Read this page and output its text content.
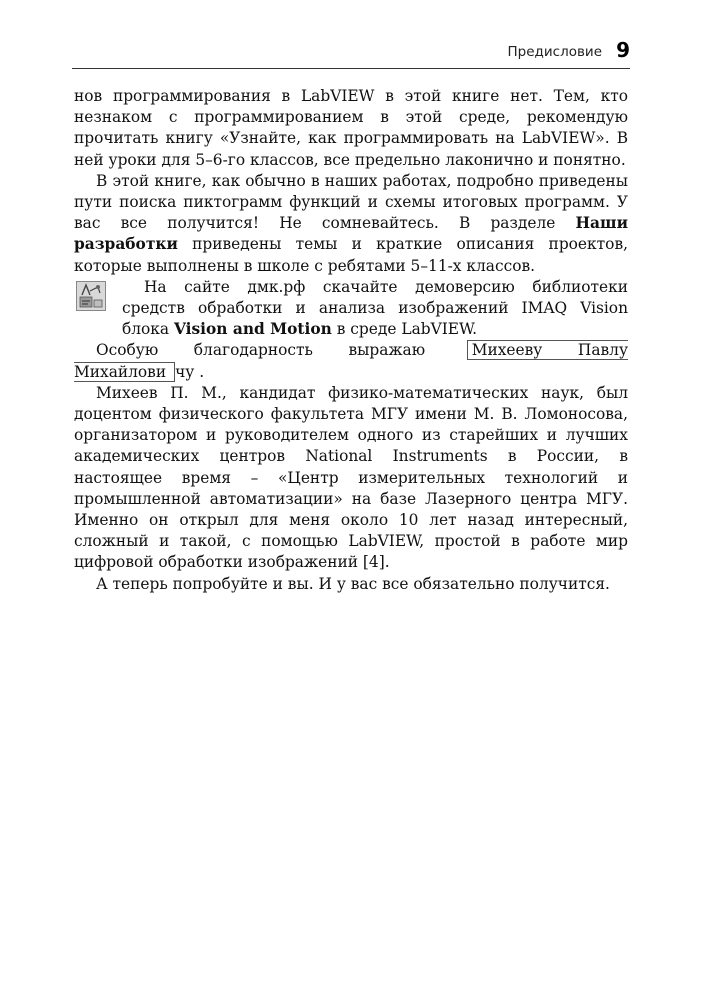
Предисловие 9

нов программирования в LabVIEW в этой книге нет. Тем, кто незнаком с программированием в этой среде, рекомендую прочитать книгу «Узнайте, как программировать на LabVIEW». В ней уроки для 5–6-го классов, все предельно лаконично и понятно.

В этой книге, как обычно в наших работах, подробно приведены пути поиска пиктограмм функций и схемы итоговых программ. У вас все получится! Не сомневайтесь. В разделе Наши разработки приведены темы и краткие описания проектов, которые выполнены в школе с ребятами 5–11-х классов.

На сайте дмк.рф скачайте демоверсию библиотеки средств обработки и анализа изображений IMAQ Vision блока Vision and Motion в среде LabVIEW.

Особую благодарность выражаю Михееву Павлу Михайлови чу .

Михеев П. М., кандидат физико-математических наук, был доцентом физического факультета МГУ имени М. В. Ломоносова, организатором и руководителем одного из старейших и лучших академических центров National Instruments в России, в настоящее время – «Центр измерительных технологий и промышленной автоматизации» на базе Лазерного центра МГУ. Именно он открыл для меня около 10 лет назад интересный, сложный и такой, с помощью LabVIEW, простой в работе мир цифровой обработки изображений [4].

А теперь попробуйте и вы. И у вас все обязательно получится.
